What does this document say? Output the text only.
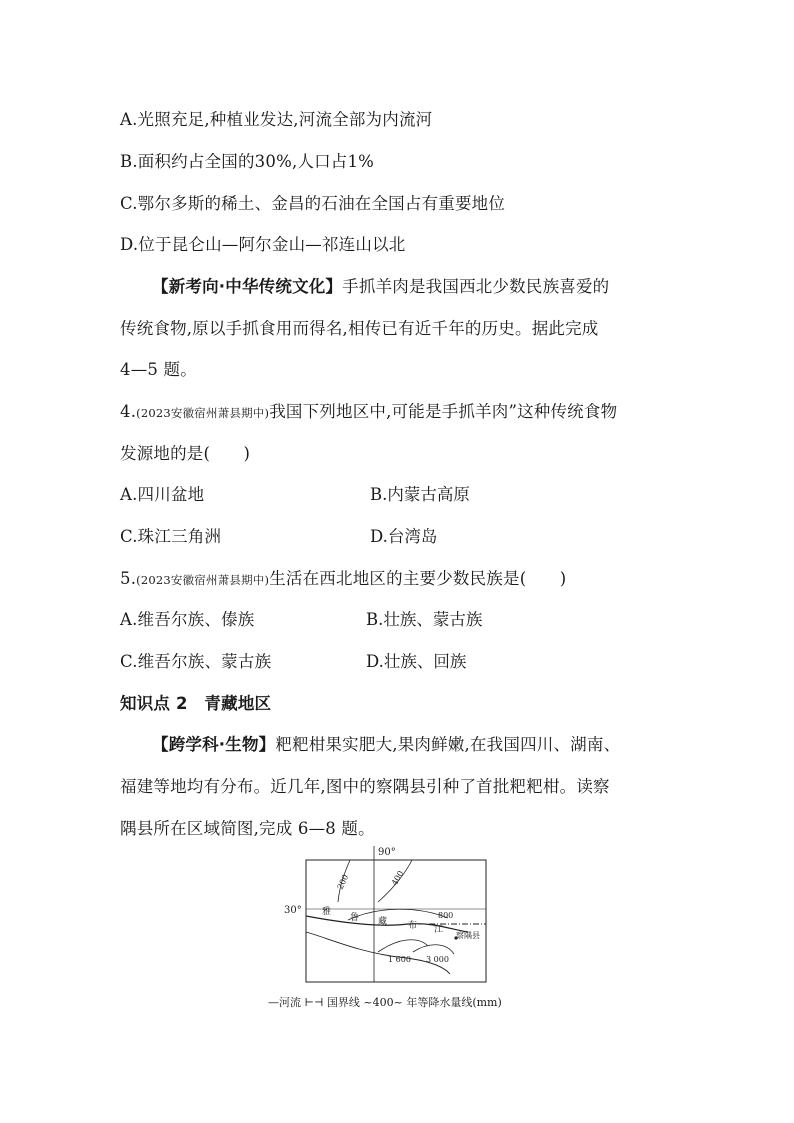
A.光照充足,种植业发达,河流全部为内流河
B.面积约占全国的30%,人口占1%
C.鄂尔多斯的稀土、金昌的石油在全国占有重要地位
D.位于昆仑山—阿尔金山—祁连山以北
【新考向·中华传统文化】手抓羊肉是我国西北少数民族喜爱的
传统食物,原以手抓食用而得名,相传已有近千年的历史。据此完成
4—5 题。
4.(2023安徽宿州萧县期中)我国下列地区中,可能是手抓羊肉”这种传统食物
发源地的是(　　)
A.四川盆地	B.内蒙古高原
C.珠江三角洲	D.台湾岛
5.(2023安徽宿州萧县期中)生活在西北地区的主要少数民族是(　　)
A.维吾尔族、傣族	B.壮族、蒙古族
C.维吾尔族、蒙古族	D.壮族、回族
知识点 2　青藏地区
【跨学科·生物】粑粑柑果实肥大,果肉鲜嫩,在我国四川、湖南、
福建等地均有分布。近几年,图中的察隅县引种了首批粑粑柑。读察
隅县所在区域简图,完成 6—8 题。
90°
30° 雅
鲁 藏 布 江
200	400
800
1 600 3 000
察隅县
—河流 ⊢⊣ 国界线 ~400~ 年等降水量线(mm)
